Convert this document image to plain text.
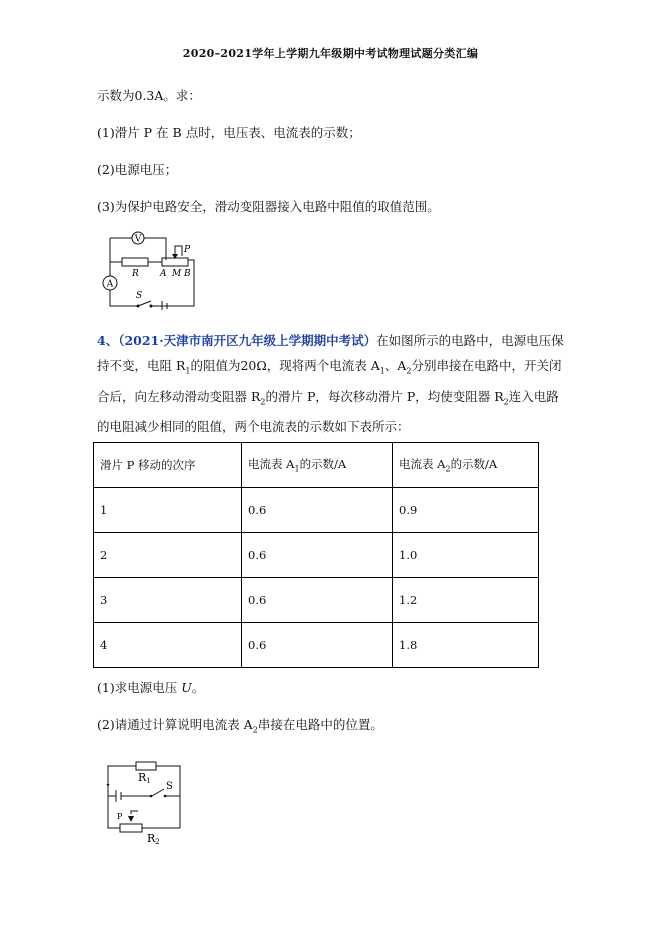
2020–2021学年上学期九年级期中考试物理试题分类汇编
示数为0.3A。求：
(1)滑片 P 在 B 点时，电压表、电流表的示数；
(2)电源电压；
(3)为保护电路安全，滑动变阻器接入电路中阻值的取值范围。
V
A
R
P
A M B
S
4、（2021·天津市南开区九年级上学期期中考试）在如图所示的电路中，电源电压保持不变，电阻 $R_1$的阻值为20Ω，现将两个电流表 $A_1$、$A_2$分别串接在电路中，开关闭合后，向左移动滑动变阻器 $R_2$的滑片 P，每次移动滑片 P，均使变阻器 $R_2$连入电路的电阻减少相同的阻值，两个电流表的示数如下表所示：
滑片 P 移动的次序	电流表 $A_1$的示数/A	电流表 $A_2$的示数/A
1	0.6	0.9
2	0.6	1.0
3	0.6	1.2
4	0.6	1.8
(1)求电源电压 U。
(2)请通过计算说明电流表 $A_2$串接在电路中的位置。
R1 S
P
R2
